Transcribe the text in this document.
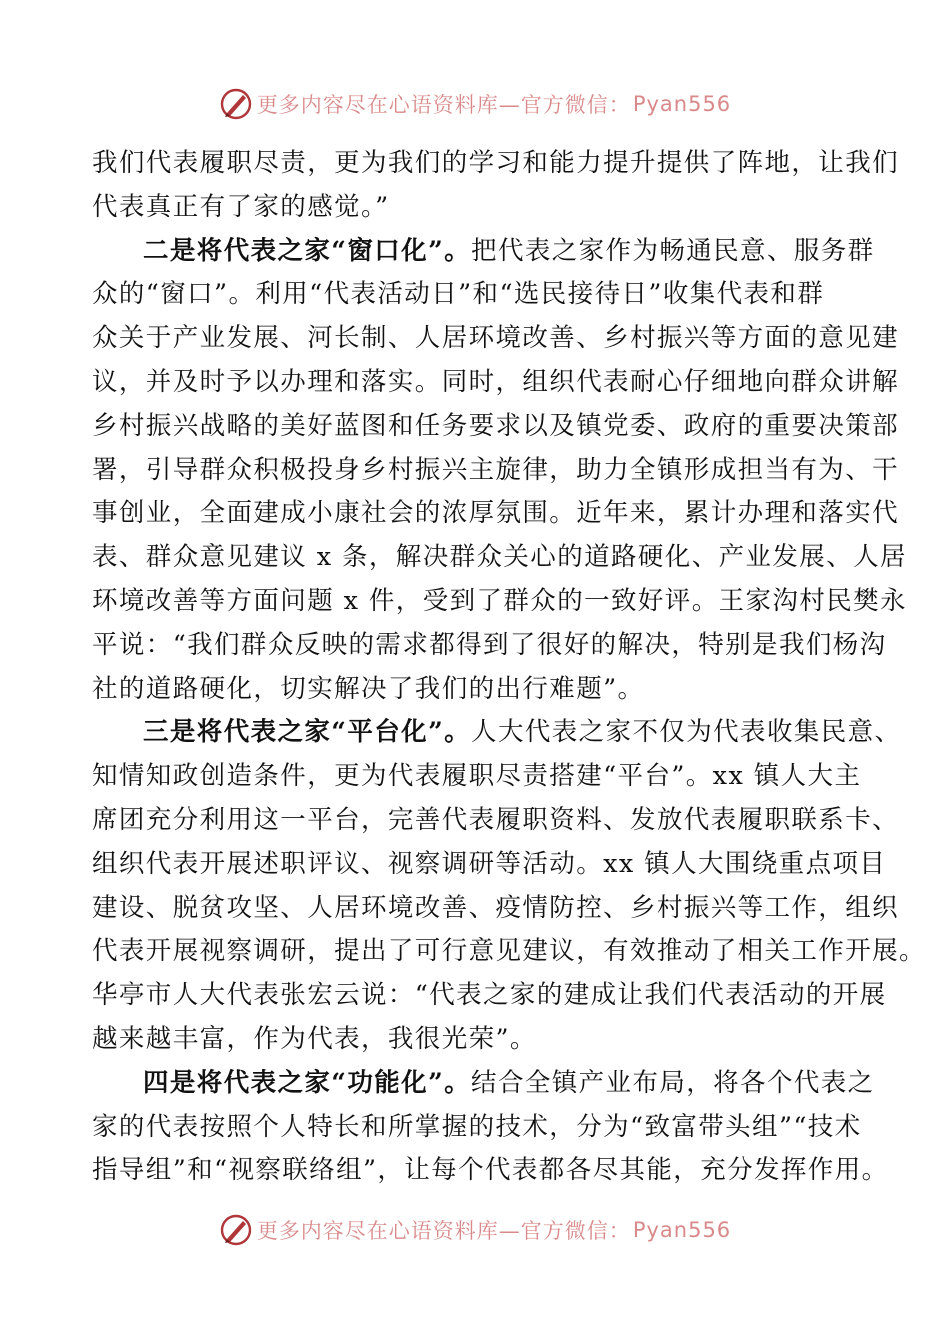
更多内容尽在心语资料库—官方微信： Pyan556

我们代表履职尽责，更为我们的学习和能力提升提供了阵地，让我们
代表真正有了家的感觉。”

二是将代表之家“窗口化”。把代表之家作为畅通民意、服务群
众的“窗口”。利用“代表活动日”和“选民接待日”收集代表和群
众关于产业发展、河长制、人居环境改善、乡村振兴等方面的意见建
议，并及时予以办理和落实。同时，组织代表耐心仔细地向群众讲解
乡村振兴战略的美好蓝图和任务要求以及镇党委、政府的重要决策部
署，引导群众积极投身乡村振兴主旋律，助力全镇形成担当有为、干
事创业，全面建成小康社会的浓厚氛围。近年来，累计办理和落实代
表、群众意见建议 x 条，解决群众关心的道路硬化、产业发展、人居
环境改善等方面问题 x 件，受到了群众的一致好评。王家沟村民樊永
平说：“我们群众反映的需求都得到了很好的解决，特别是我们杨沟
社的道路硬化，切实解决了我们的出行难题”。

三是将代表之家“平台化”。人大代表之家不仅为代表收集民意、
知情知政创造条件，更为代表履职尽责搭建“平台”。xx 镇人大主
席团充分利用这一平台，完善代表履职资料、发放代表履职联系卡、
组织代表开展述职评议、视察调研等活动。xx 镇人大围绕重点项目
建设、脱贫攻坚、人居环境改善、疫情防控、乡村振兴等工作，组织
代表开展视察调研，提出了可行意见建议，有效推动了相关工作开展。
华亭市人大代表张宏云说：“代表之家的建成让我们代表活动的开展
越来越丰富，作为代表，我很光荣”。

四是将代表之家“功能化”。结合全镇产业布局，将各个代表之
家的代表按照个人特长和所掌握的技术，分为“致富带头组”“技术
指导组”和“视察联络组”，让每个代表都各尽其能，充分发挥作用。

更多内容尽在心语资料库—官方微信： Pyan556
